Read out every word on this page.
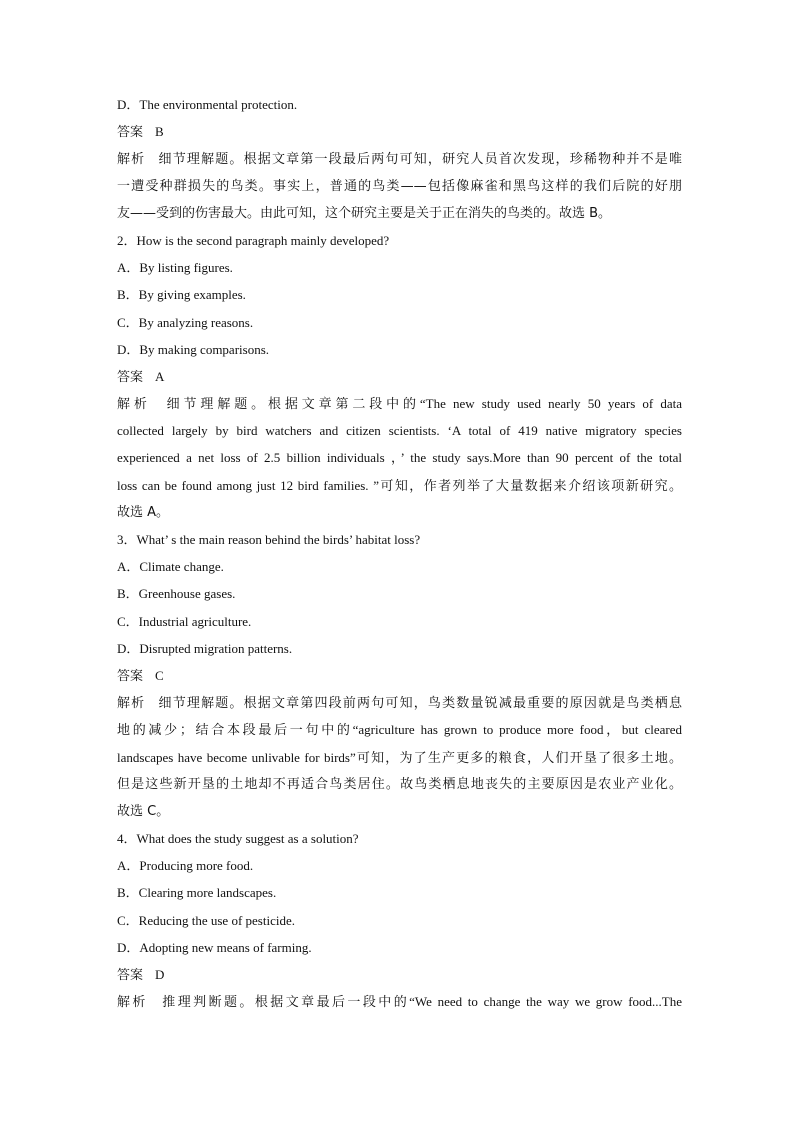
D．The environmental protection.
答案 B
解析 细节理解题。根据文章第一段最后两句可知，研究人员首次发现，珍稀物种并不是唯
一遭受种群损失的鸟类。事实上，普通的鸟类——包括像麻雀和黑鸟这样的我们后院的好朋
友——受到的伤害最大。由此可知，这个研究主要是关于正在消失的鸟类的。故选 B。
2．How is the second paragraph mainly developed?
A．By listing figures.
B．By giving examples.
C．By analyzing reasons.
D．By making comparisons.
答案 A
解析 细节理解题。根据文章第二段中的“The new study used nearly 50 years of data
collected largely by bird watchers and citizen scientists. ‘A total of 419 native migratory species
experienced a net loss of 2.5 billion individuals ，’ the study says.More than 90 percent of the total
loss can be found among just 12 bird families. ”可知，作者列举了大量数据来介绍该项新研究。
故选 A。
3．What’ s the main reason behind the birds’ habitat loss?
A．Climate change.
B．Greenhouse gases.
C．Industrial agriculture.
D．Disrupted migration patterns.
答案 C
解析 细节理解题。根据文章第四段前两句可知，鸟类数量锐减最重要的原因就是鸟类栖息
地的减少；结合本段最后一句中的“agriculture has grown to produce more food，but cleared
landscapes have become unlivable for birds”可知，为了生产更多的粮食，人们开垦了很多土地。
但是这些新开垦的土地却不再适合鸟类居住。故鸟类栖息地丧失的主要原因是农业产业化。
故选 C。
4．What does the study suggest as a solution?
A．Producing more food.
B．Clearing more landscapes.
C．Reducing the use of pesticide.
D．Adopting new means of farming.
答案 D
解析 推理判断题。根据文章最后一段中的“We need to change the way we grow food...The
